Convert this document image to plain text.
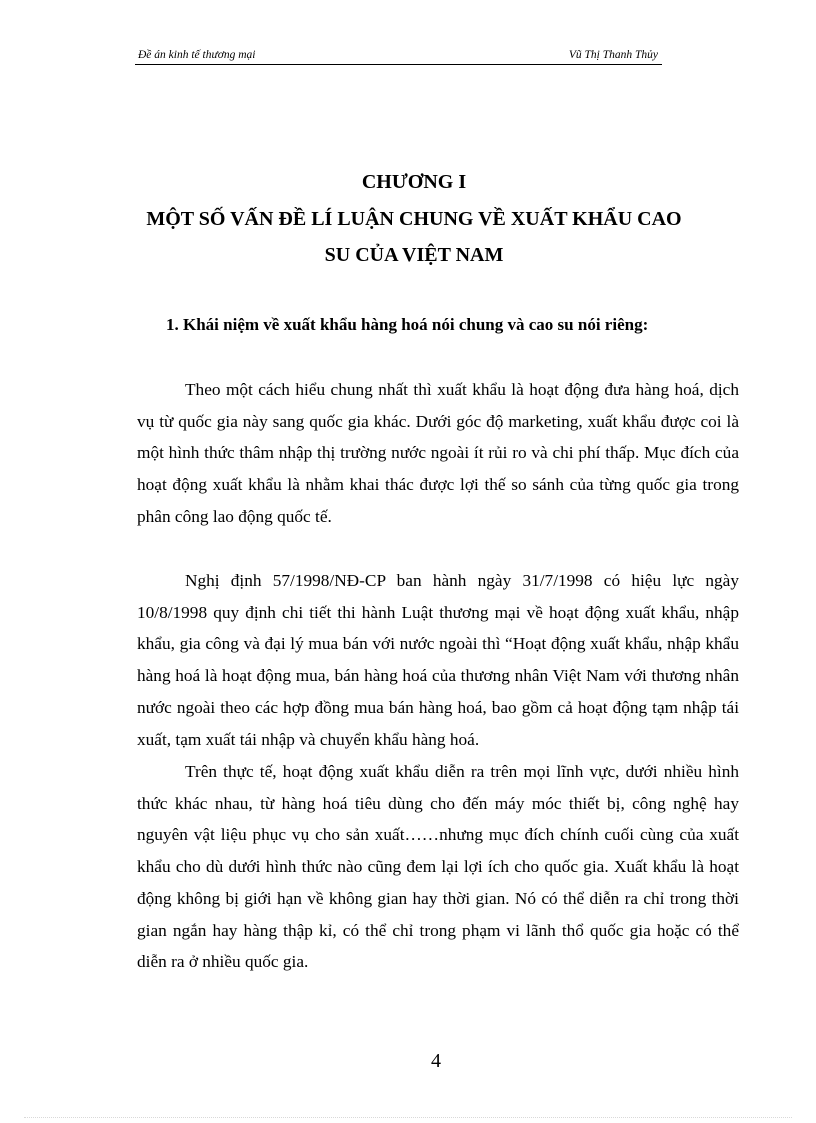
Đề án kinh tế thương mại	Vũ Thị Thanh Thủy
CHƯƠNG I
MỘT SỐ VẤN ĐỀ LÍ LUẬN CHUNG VỀ XUẤT KHẨU CAO
SU CỦA VIỆT NAM
1. Khái niệm về xuất khẩu hàng hoá nói chung và cao su nói riêng:

Theo một cách hiểu chung nhất thì xuất khẩu là hoạt động đưa hàng hoá, dịch vụ từ quốc gia này sang quốc gia khác. Dưới góc độ marketing, xuất khẩu được coi là một hình thức thâm nhập thị trường nước ngoài ít rủi ro và chi phí thấp. Mục đích của hoạt động xuất khẩu là nhằm khai thác được lợi thế so sánh của từng quốc gia trong phân công lao động quốc tế.

Nghị định 57/1998/NĐ-CP ban hành ngày 31/7/1998 có hiệu lực ngày 10/8/1998 quy định chi tiết thi hành Luật thương mại về hoạt động xuất khẩu, nhập khẩu, gia công và đại lý mua bán với nước ngoài thì “Hoạt động xuất khẩu, nhập khẩu hàng hoá là hoạt động mua, bán hàng hoá của thương nhân Việt Nam với thương nhân nước ngoài theo các hợp đồng mua bán hàng hoá, bao gồm cả hoạt động tạm nhập tái xuất, tạm xuất tái nhập và chuyển khẩu hàng hoá.

Trên thực tế, hoạt động xuất khẩu diễn ra trên mọi lĩnh vực, dưới nhiều hình thức khác nhau, từ hàng hoá tiêu dùng cho đến máy móc thiết bị, công nghệ hay nguyên vật liệu phục vụ cho sản xuất……nhưng mục đích chính cuối cùng của xuất khẩu cho dù dưới hình thức nào cũng đem lại lợi ích cho quốc gia. Xuất khẩu là hoạt động không bị giới hạn về không gian hay thời gian. Nó có thể diễn ra chỉ trong thời gian ngắn hay hàng thập kỉ, có thể chỉ trong phạm vi lãnh thổ quốc gia hoặc có thể diễn ra ở nhiều quốc gia.

4
